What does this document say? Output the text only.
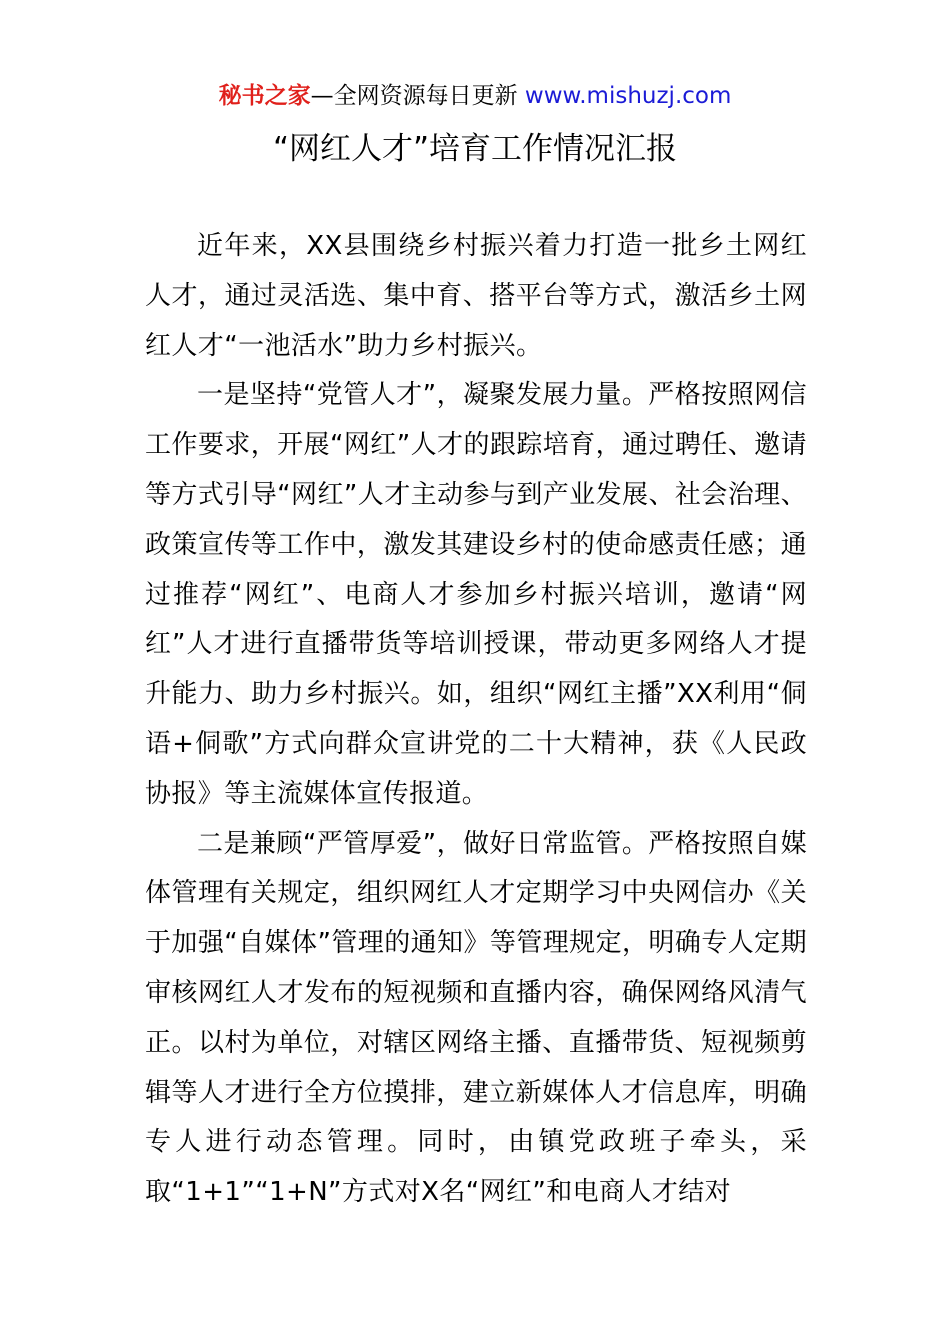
秘书之家—全网资源每日更新 www.mishuzj.com
“网红人才”培育工作情况汇报

近年来，XX县围绕乡村振兴着力打造一批乡土网红人才，通过灵活选、集中育、搭平台等方式，激活乡土网红人才“一池活水”助力乡村振兴。

一是坚持“党管人才”，凝聚发展力量。严格按照网信工作要求，开展“网红”人才的跟踪培育，通过聘任、邀请等方式引导“网红”人才主动参与到产业发展、社会治理、政策宣传等工作中，激发其建设乡村的使命感责任感；通过推荐“网红”、电商人才参加乡村振兴培训，邀请“网红”人才进行直播带货等培训授课，带动更多网络人才提升能力、助力乡村振兴。如，组织“网红主播”XX利用“侗语+侗歌”方式向群众宣讲党的二十大精神，获《人民政协报》等主流媒体宣传报道。

二是兼顾“严管厚爱”，做好日常监管。严格按照自媒体管理有关规定，组织网红人才定期学习中央网信办《关于加强“自媒体”管理的通知》等管理规定，明确专人定期审核网红人才发布的短视频和直播内容，确保网络风清气正。以村为单位，对辖区网络主播、直播带货、短视频剪辑等人才进行全方位摸排，建立新媒体人才信息库，明确专人进行动态管理。同时，由镇党政班子牵头，采取“1+1”“1+N”方式对X名“网红”和电商人才结对
